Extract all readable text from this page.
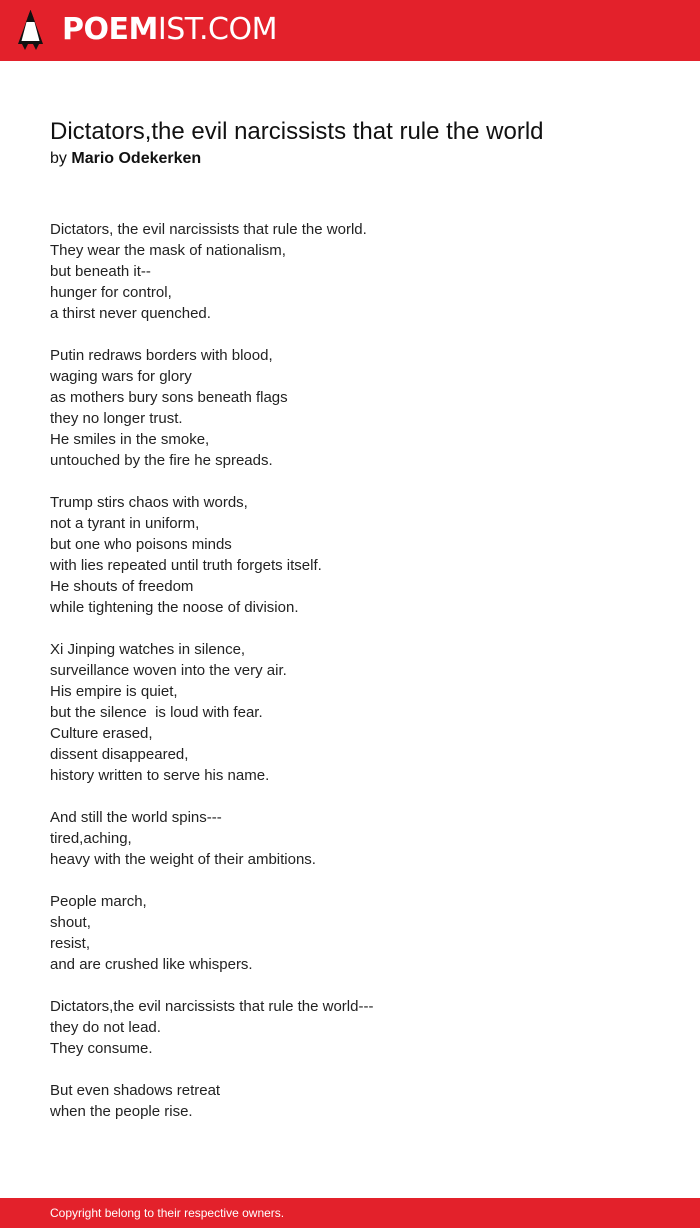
POEMIST.COM
Dictators,the evil narcissists that rule the world
by Mario Odekerken
Dictators, the evil narcissists that rule the world.
They wear the mask of nationalism,
but beneath it--
hunger for control,
a thirst never quenched.
Putin redraws borders with blood,
waging wars for glory
as mothers bury sons beneath flags
they no longer trust.
He smiles in the smoke,
untouched by the fire he spreads.
Trump stirs chaos with words,
not a tyrant in uniform,
but one who poisons minds
with lies repeated until truth forgets itself.
He shouts of freedom
while tightening the noose of division.
Xi Jinping watches in silence,
surveillance woven into the very air.
His empire is quiet,
but the silence  is loud with fear.
Culture erased,
dissent disappeared,
history written to serve his name.
And still the world spins---
tired,aching,
heavy with the weight of their ambitions.
People march,
shout,
resist,
and are crushed like whispers.
Dictators,the evil narcissists that rule the world---
they do not lead.
They consume.
But even shadows retreat
when the people rise.
Copyright belong to their respective owners.
